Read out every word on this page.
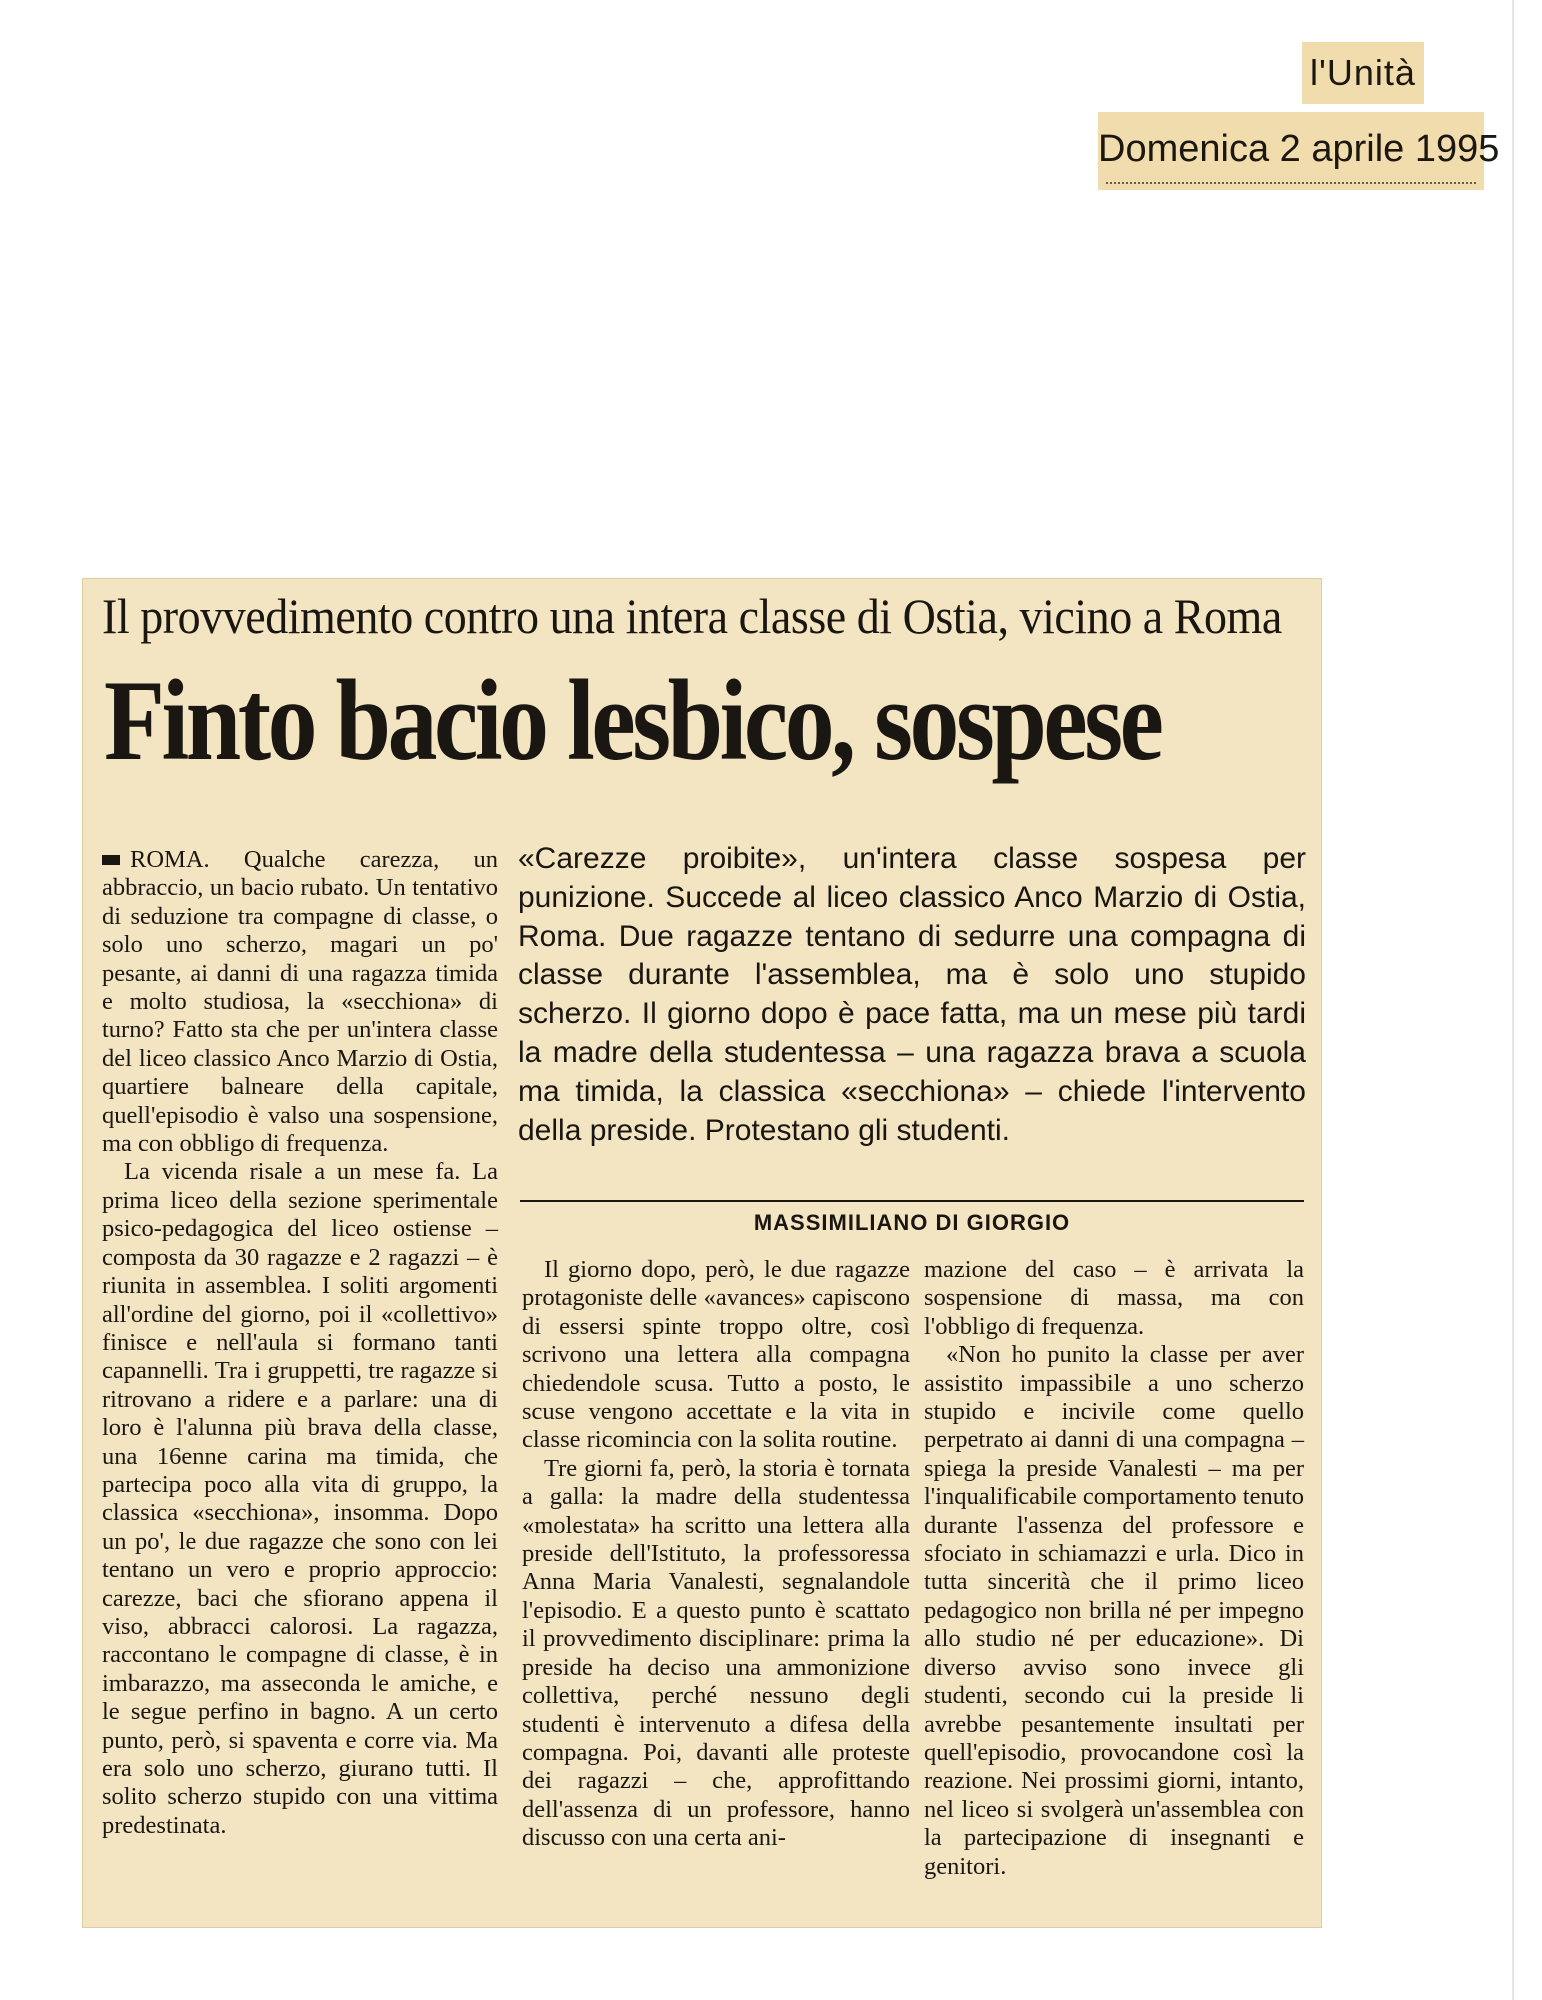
l'Unità
Domenica 2 aprile 1995
Il provvedimento contro una intera classe di Ostia, vicino a Roma
Finto bacio lesbico, sospese

ROMA. Qualche carezza, un abbraccio, un bacio rubato. Un tentativo di seduzione tra compagne di classe, o solo uno scherzo, magari un po' pesante, ai danni di una ragazza timida e molto studiosa, la «secchiona» di turno? Fatto sta che per un'intera classe del liceo classico Anco Marzio di Ostia, quartiere balneare della capitale, quell'episodio è valso una sospensione, ma con obbligo di frequenza.

La vicenda risale a un mese fa. La prima liceo della sezione sperimentale psico-pedagogica del liceo ostiense – composta da 30 ragazze e 2 ragazzi – è riunita in assemblea. I soliti argomenti all'ordine del giorno, poi il «collettivo» finisce e nell'aula si formano tanti capannelli. Tra i gruppetti, tre ragazze si ritrovano a ridere e a parlare: una di loro è l'alunna più brava della classe, una 16enne carina ma timida, che partecipa poco alla vita di gruppo, la classica «secchiona», insomma. Dopo un po', le due ragazze che sono con lei tentano un vero e proprio approccio: carezze, baci che sfiorano appena il viso, abbracci calorosi. La ragazza, raccontano le compagne di classe, è in imbarazzo, ma asseconda le amiche, e le segue perfino in bagno. A un certo punto, però, si spaventa e corre via. Ma era solo uno scherzo, giurano tutti. Il solito scherzo stupido con una vittima predestinata.

«Carezze proibite», un'intera classe sospesa per punizione. Succede al liceo classico Anco Marzio di Ostia, Roma. Due ragazze tentano di sedurre una compagna di classe durante l'assemblea, ma è solo uno stupido scherzo. Il giorno dopo è pace fatta, ma un mese più tardi la madre della studentessa – una ragazza brava a scuola ma timida, la classica «secchiona» – chiede l'intervento della preside. Protestano gli studenti.
MASSIMILIANO DI GIORGIO

Il giorno dopo, però, le due ragazze protagoniste delle «avances» capiscono di essersi spinte troppo oltre, così scrivono una lettera alla compagna chiedendole scusa. Tutto a posto, le scuse vengono accettate e la vita in classe ricomincia con la solita routine.

Tre giorni fa, però, la storia è tornata a galla: la madre della studentessa «molestata» ha scritto una lettera alla preside dell'Istituto, la professoressa Anna Maria Vanalesti, segnalandole l'episodio. E a questo punto è scattato il provvedimento disciplinare: prima la preside ha deciso una ammonizione collettiva, perché nessuno degli studenti è intervenuto a difesa della compagna. Poi, davanti alle proteste dei ragazzi – che, approfittando dell'assenza di un professore, hanno discusso con una certa ani-

mazione del caso – è arrivata la sospensione di massa, ma con l'obbligo di frequenza.

«Non ho punito la classe per aver assistito impassibile a uno scherzo stupido e incivile come quello perpetrato ai danni di una compagna – spiega la preside Vanalesti – ma per l'inqualificabile comportamento tenuto durante l'assenza del professore e sfociato in schiamazzi e urla. Dico in tutta sincerità che il primo liceo pedagogico non brilla né per impegno allo studio né per educazione». Di diverso avviso sono invece gli studenti, secondo cui la preside li avrebbe pesantemente insultati per quell'episodio, provocandone così la reazione. Nei prossimi giorni, intanto, nel liceo si svolgerà un'assemblea con la partecipazione di insegnanti e genitori.
